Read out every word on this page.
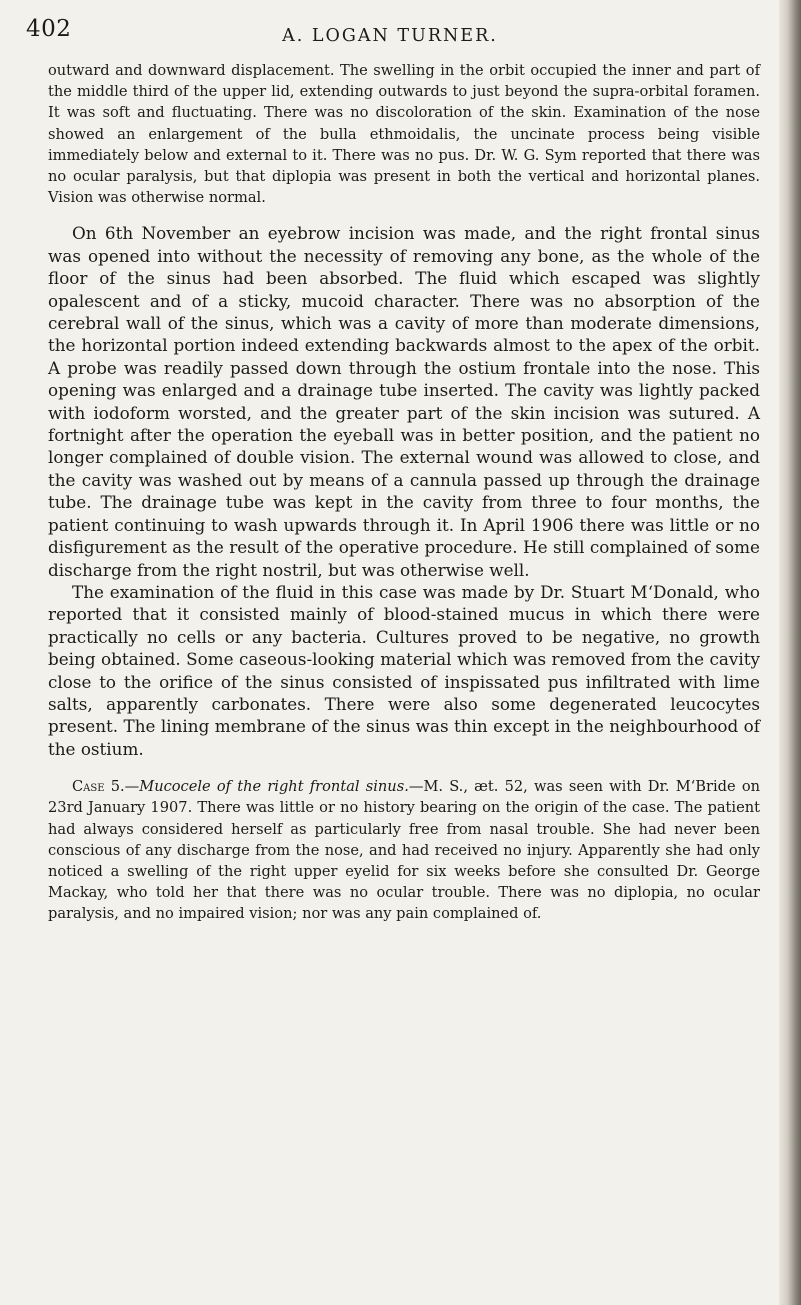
402	A. LOGAN TURNER.

outward and downward displacement. The swelling in the orbit occupied the inner and part of the middle third of the upper lid, extending outwards to just beyond the supra-orbital foramen. It was soft and fluctuating. There was no discoloration of the skin. Examination of the nose showed an enlargement of the bulla ethmoidalis, the uncinate process being visible immediately below and external to it. There was no pus. Dr. W. G. Sym reported that there was no ocular paralysis, but that diplopia was present in both the vertical and horizontal planes. Vision was otherwise normal.

On 6th November an eyebrow incision was made, and the right frontal sinus was opened into without the necessity of removing any bone, as the whole of the floor of the sinus had been absorbed. The fluid which escaped was slightly opalescent and of a sticky, mucoid character. There was no absorption of the cerebral wall of the sinus, which was a cavity of more than moderate dimensions, the horizontal portion indeed extending backwards almost to the apex of the orbit. A probe was readily passed down through the ostium frontale into the nose. This opening was enlarged and a drainage tube inserted. The cavity was lightly packed with iodoform worsted, and the greater part of the skin incision was sutured. A fortnight after the operation the eyeball was in better position, and the patient no longer complained of double vision. The external wound was allowed to close, and the cavity was washed out by means of a cannula passed up through the drainage tube. The drainage tube was kept in the cavity from three to four months, the patient continuing to wash upwards through it. In April 1906 there was little or no disfigurement as the result of the operative procedure. He still complained of some discharge from the right nostril, but was otherwise well.

The examination of the fluid in this case was made by Dr. Stuart M‘Donald, who reported that it consisted mainly of blood-stained mucus in which there were practically no cells or any bacteria. Cultures proved to be negative, no growth being obtained. Some caseous-looking material which was removed from the cavity close to the orifice of the sinus consisted of inspissated pus infiltrated with lime salts, apparently carbonates. There were also some degenerated leucocytes present. The lining membrane of the sinus was thin except in the neighbourhood of the ostium.

Case 5.—Mucocele of the right frontal sinus.—M. S., æt. 52, was seen with Dr. M‘Bride on 23rd January 1907. There was little or no history bearing on the origin of the case. The patient had always considered herself as particularly free from nasal trouble. She had never been conscious of any discharge from the nose, and had received no injury. Apparently she had only noticed a swelling of the right upper eyelid for six weeks before she consulted Dr. George Mackay, who told her that there was no ocular trouble. There was no diplopia, no ocular paralysis, and no impaired vision; nor was any pain complained of.
